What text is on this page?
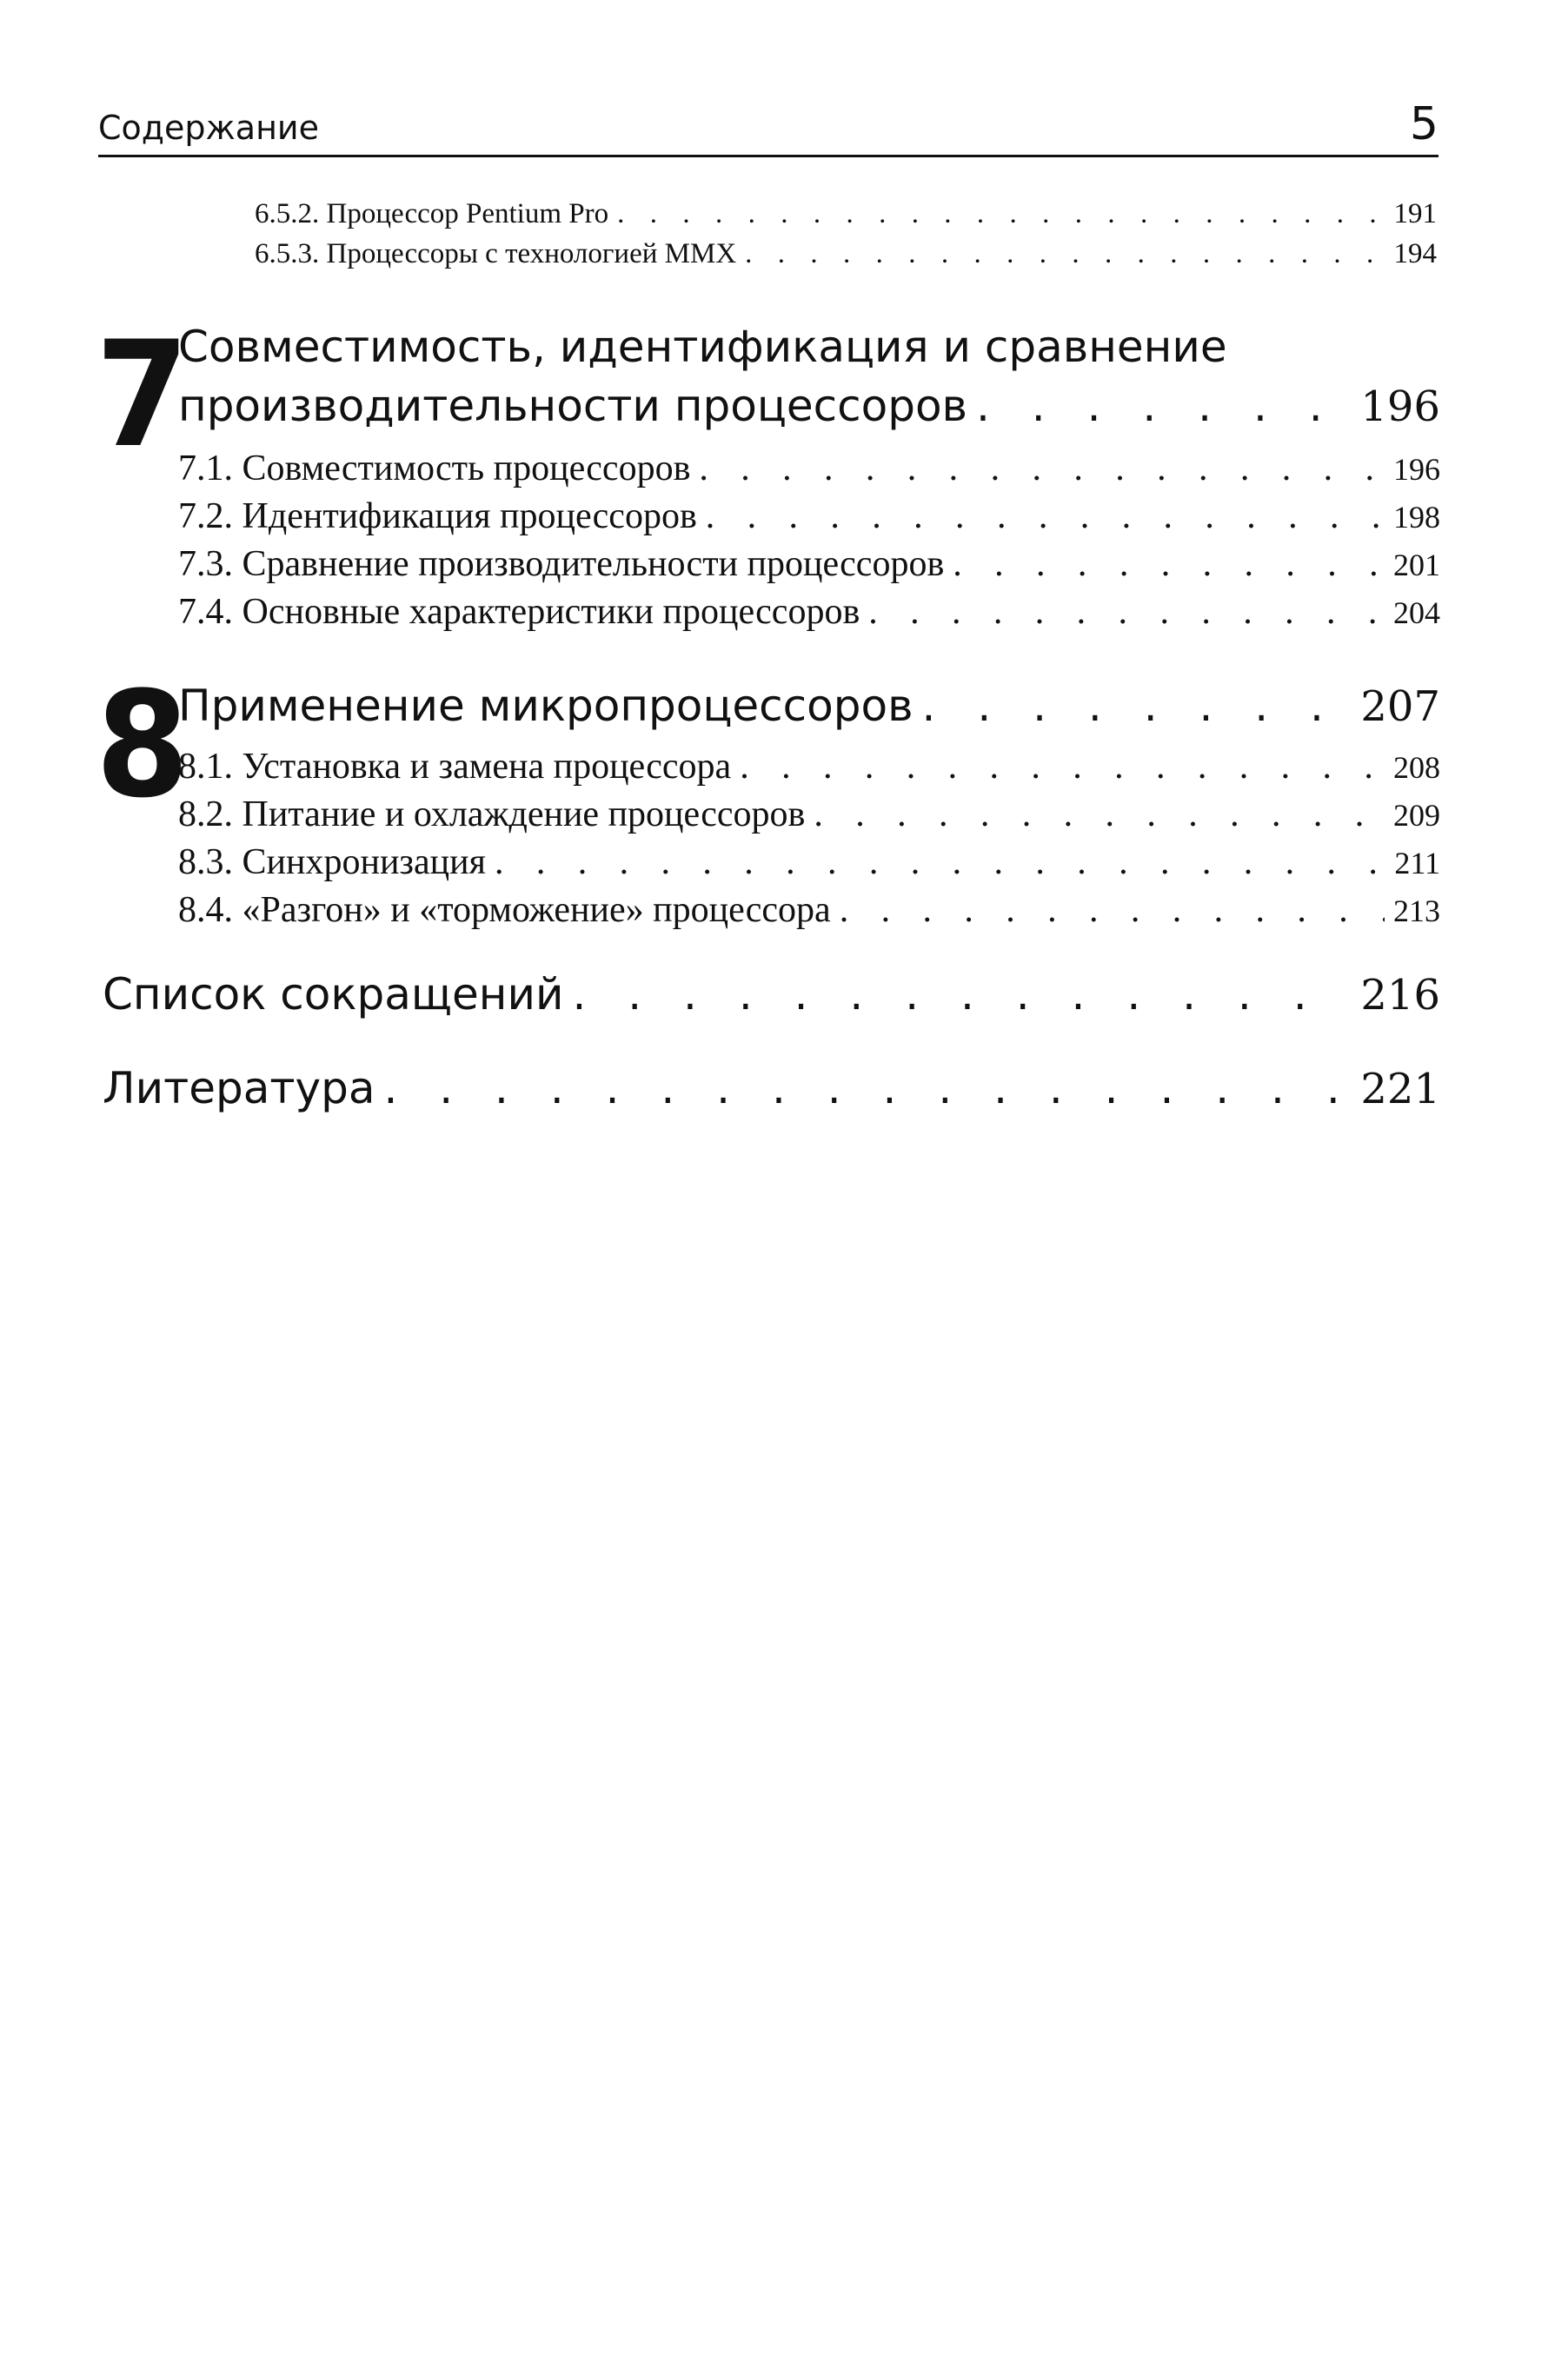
Содержание	5
6.5.2. Процессор Pentium Pro . . .	191
6.5.3. Процессоры с технологией MMX . . .	194
7
Совместимость, идентификация и сравнение
производительности процессоров . . .	196
7.1. Совместимость процессоров . . .	196
7.2. Идентификация процессоров . . .	198
7.3. Сравнение производительности процессоров . . .	201
7.4. Основные характеристики процессоров . . .	204
8
Применение микропроцессоров . . .	207
8.1. Установка и замена процессора . . .	208
8.2. Питание и охлаждение процессоров . . .	209
8.3. Синхронизация . . .	211
8.4. «Разгон» и «торможение» процессора . . .	213
Список сокращений . . .	216
Литература . . .	221
